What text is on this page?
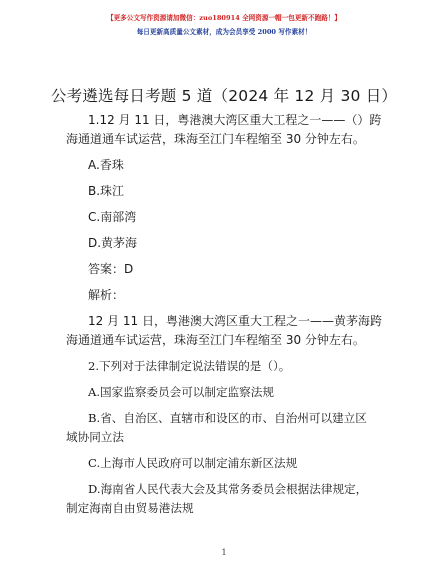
【更多公文写作资源请加微信：zuo180914 全网资源一帽一包更新不跑路！】
每日更新高质量公文素材，成为会员享受 2000 写作素材！
公考遴选每日考题 5 道（2024 年 12 月 30 日）
1.12 月 11 日，粤港澳大湾区重大工程之一——（）跨
海通道通车试运营，珠海至江门车程缩至 30 分钟左右。
A.香珠
B.珠江
C.南部湾
D.黄茅海
答案：D
解析：
12 月 11 日，粤港澳大湾区重大工程之一——黄茅海跨
海通道通车试运营，珠海至江门车程缩至 30 分钟左右。
2.下列对于法律制定说法错误的是（）。
A.国家监察委员会可以制定监察法规
B.省、自治区、直辖市和设区的市、自治州可以建立区
域协同立法
C.上海市人民政府可以制定浦东新区法规
D.海南省人民代表大会及其常务委员会根据法律规定，
制定海南自由贸易港法规
1
